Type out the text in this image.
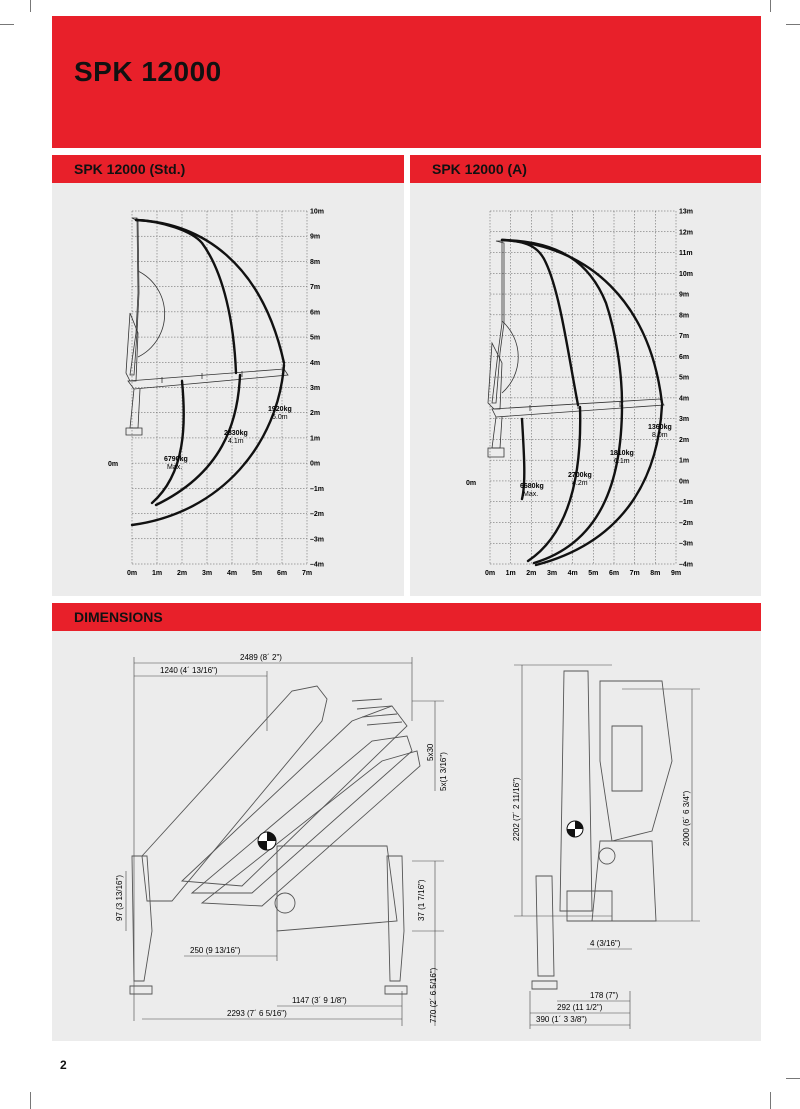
SPK 12000
SPK 12000 (Std.)
10m
9m
8m
7m
6m
5m
4m
3m
2m
1m
0m
–1m
–2m
–3m
–4m
0m 1m 2m 3m 4m 5m 6m 7m
0m
6790kg
Max.
2830kg
4.1m
1920kg
6.0m
SPK 12000 (A)
13m
12m
11m
10m
9m
8m
7m
6m
5m
4m
3m
2m
1m
0m
–1m
–2m
–3m
–4m
0m 1m 2m 3m 4m 5m 6m 7m 8m 9m
0m	6680kg
Max.
2700kg
4.2m
1810kg
6.1m
1360kg
8.0m
DIMENSIONS
2489 (8´ 2")
1240 (4´ 13/16")
250 (9 13/16")
1147 (3´ 9 1/8")
2293 (7´ 6 5/16")
97 (3 13/16")
5x30 5x(1 3/16")
37 (1 7/16")
770 (2´ 6 5/16")
2202 (7´ 2 11/16")	2000 (6´ 6 3/4")
4 (3/16")
178 (7")
292 (11 1/2")
390 (1´ 3 3/8")
2
